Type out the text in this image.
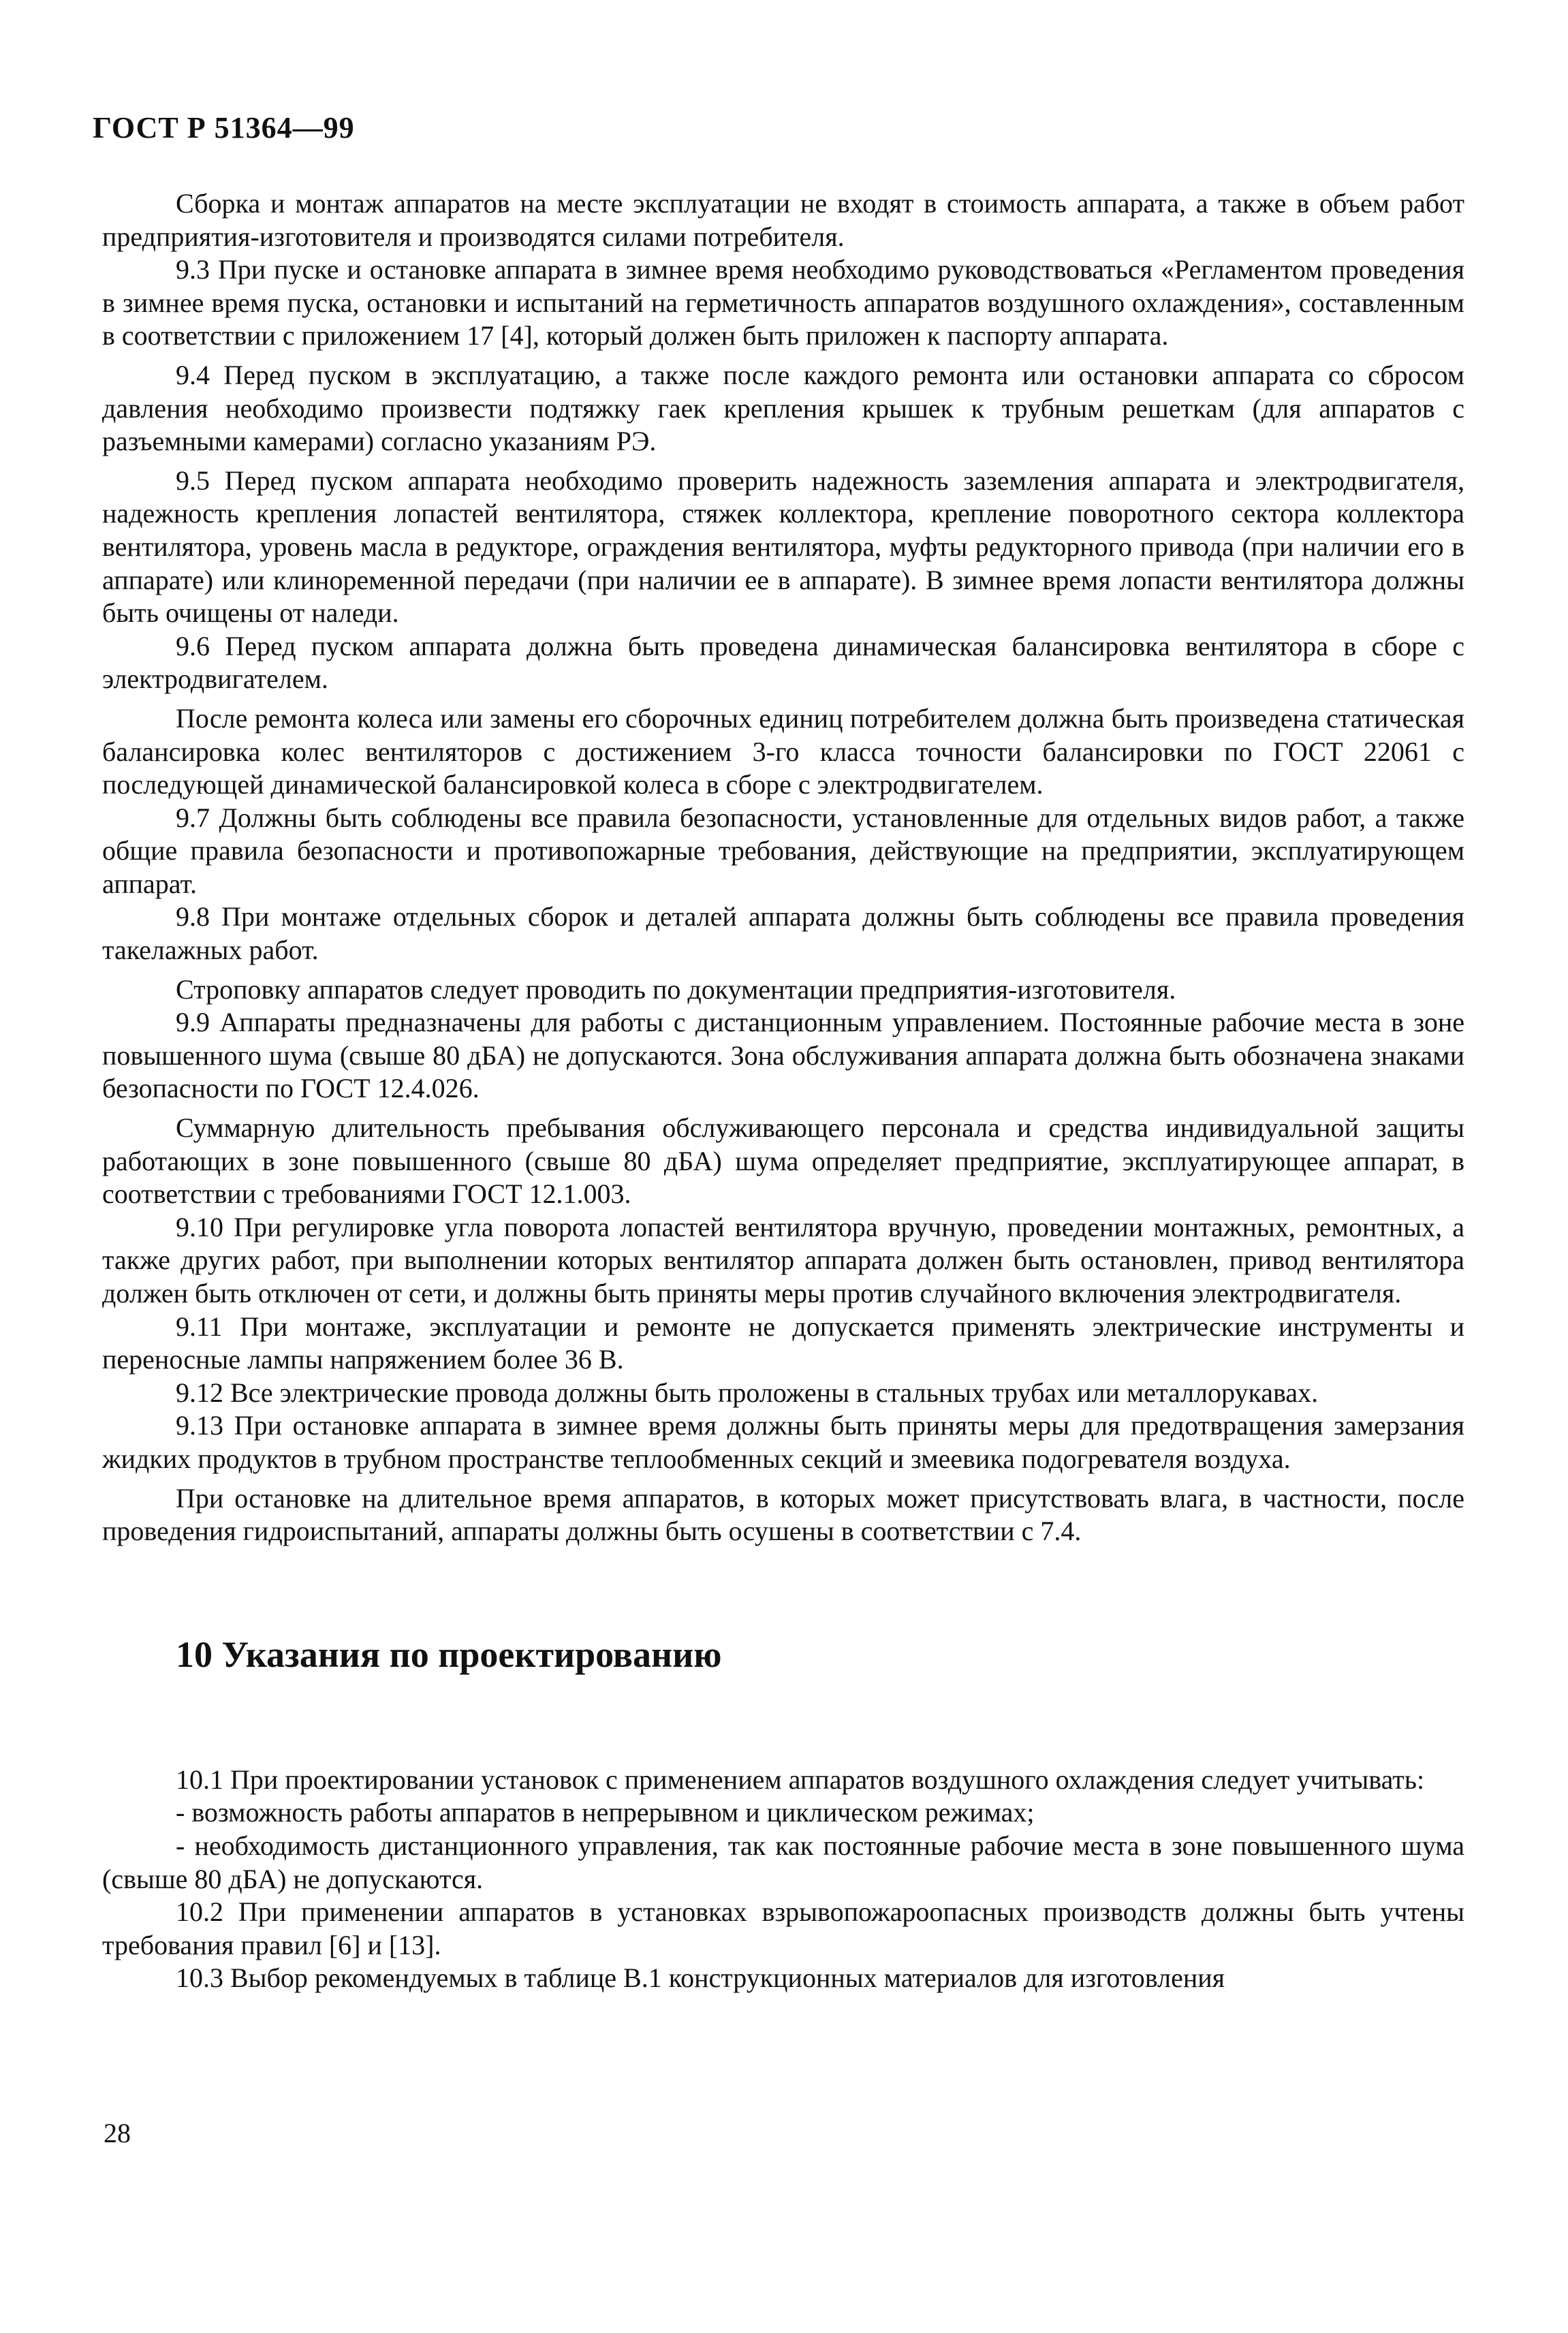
ГОСТ Р 51364—99

Сборка и монтаж аппаратов на месте эксплуатации не входят в стоимость аппарата, а также в объем работ предприятия-изготовителя и производятся силами потребителя.

9.3 При пуске и остановке аппарата в зимнее время необходимо руководствоваться «Регламентом проведения в зимнее время пуска, остановки и испытаний на герметичность аппаратов воздушного охлаждения», составленным в соответствии с приложением 17 [4], который должен быть приложен к паспорту аппарата.

9.4 Перед пуском в эксплуатацию, а также после каждого ремонта или остановки аппарата со сбросом давления необходимо произвести подтяжку гаек крепления крышек к трубным решеткам (для аппаратов с разъемными камерами) согласно указаниям РЭ.

9.5 Перед пуском аппарата необходимо проверить надежность заземления аппарата и электродвигателя, надежность крепления лопастей вентилятора, стяжек коллектора, крепление поворотного сектора коллектора вентилятора, уровень масла в редукторе, ограждения вентилятора, муфты редукторного привода (при наличии его в аппарате) или клиноременной передачи (при наличии ее в аппарате). В зимнее время лопасти вентилятора должны быть очищены от наледи.

9.6 Перед пуском аппарата должна быть проведена динамическая балансировка вентилятора в сборе с электродвигателем.

После ремонта колеса или замены его сборочных единиц потребителем должна быть произведена статическая балансировка колес вентиляторов с достижением 3-го класса точности балансировки по ГОСТ 22061 с последующей динамической балансировкой колеса в сборе с электродвигателем.

9.7 Должны быть соблюдены все правила безопасности, установленные для отдельных видов работ, а также общие правила безопасности и противопожарные требования, действующие на предприятии, эксплуатирующем аппарат.

9.8 При монтаже отдельных сборок и деталей аппарата должны быть соблюдены все правила проведения такелажных работ.

Строповку аппаратов следует проводить по документации предприятия-изготовителя.

9.9 Аппараты предназначены для работы с дистанционным управлением. Постоянные рабочие места в зоне повышенного шума (свыше 80 дБА) не допускаются. Зона обслуживания аппарата должна быть обозначена знаками безопасности по ГОСТ 12.4.026.

Суммарную длительность пребывания обслуживающего персонала и средства индивидуальной защиты работающих в зоне повышенного (свыше 80 дБА) шума определяет предприятие, эксплуатирующее аппарат, в соответствии с требованиями ГОСТ 12.1.003.

9.10 При регулировке угла поворота лопастей вентилятора вручную, проведении монтажных, ремонтных, а также других работ, при выполнении которых вентилятор аппарата должен быть остановлен, привод вентилятора должен быть отключен от сети, и должны быть приняты меры против случайного включения электродвигателя.

9.11 При монтаже, эксплуатации и ремонте не допускается применять электрические инструменты и переносные лампы напряжением более 36 В.

9.12 Все электрические провода должны быть проложены в стальных трубах или металлорукавах.

9.13 При остановке аппарата в зимнее время должны быть приняты меры для предотвращения замерзания жидких продуктов в трубном пространстве теплообменных секций и змеевика подогревателя воздуха.

При остановке на длительное время аппаратов, в которых может присутствовать влага, в частности, после проведения гидроиспытаний, аппараты должны быть осушены в соответствии с 7.4.

10 Указания по проектированию

10.1 При проектировании установок с применением аппаратов воздушного охлаждения следует учитывать:

- возможность работы аппаратов в непрерывном и циклическом режимах;

- необходимость дистанционного управления, так как постоянные рабочие места в зоне повышенного шума (свыше 80 дБА) не допускаются.

10.2 При применении аппаратов в установках взрывопожароопасных производств должны быть учтены требования правил [6] и [13].

10.3 Выбор рекомендуемых в таблице В.1 конструкционных материалов для изготовления

28
